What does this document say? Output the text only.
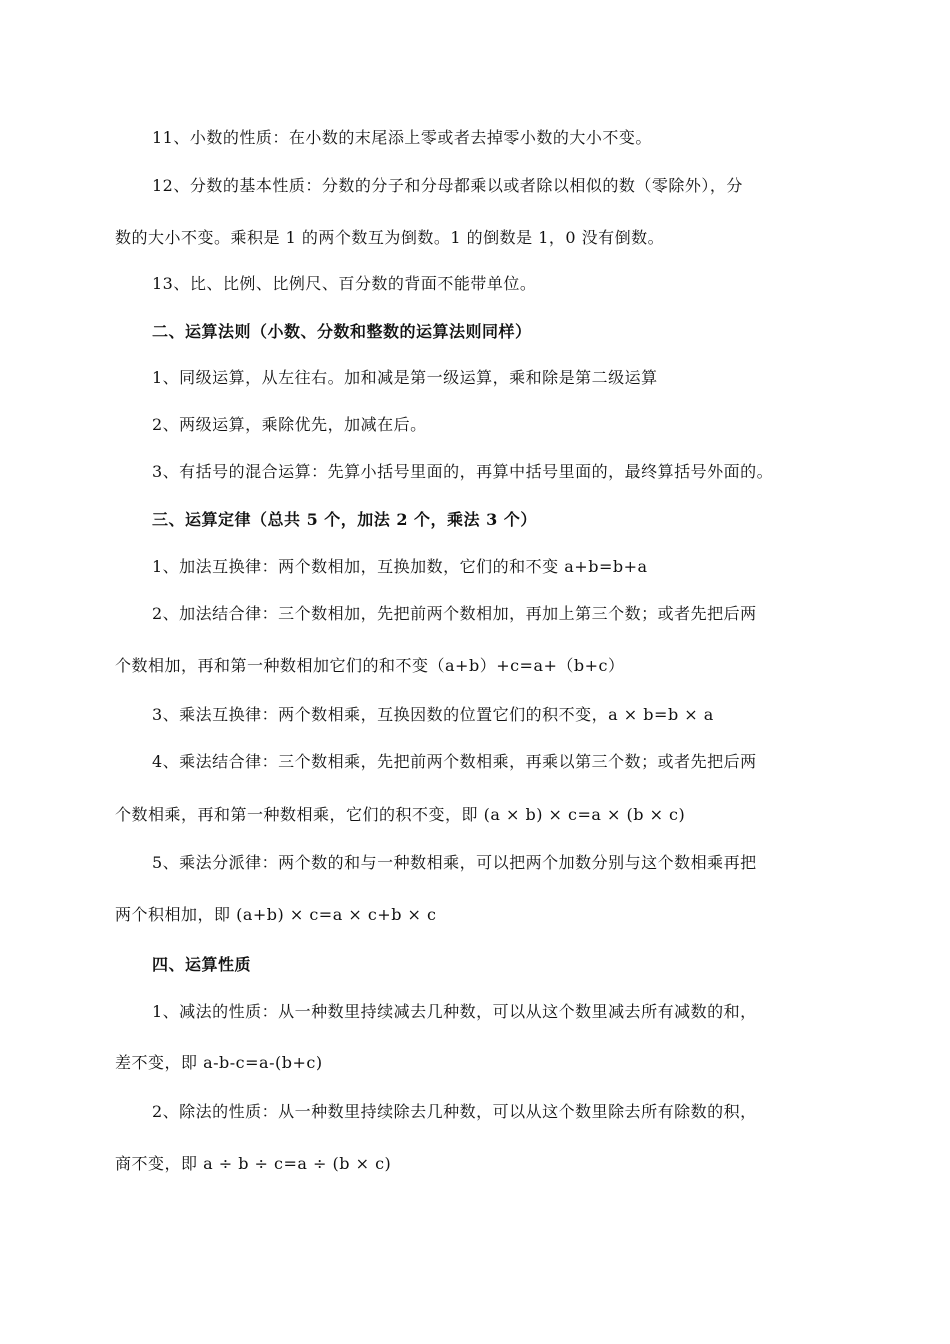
11、小数的性质：在小数的末尾添上零或者去掉零小数的大小不变。
12、分数的基本性质：分数的分子和分母都乘以或者除以相似的数（零除外），分
数的大小不变。乘积是 1 的两个数互为倒数。1 的倒数是 1，0 没有倒数。
13、比、比例、比例尺、百分数的背面不能带单位。
二、运算法则（小数、分数和整数的运算法则同样）
1、同级运算，从左往右。加和减是第一级运算，乘和除是第二级运算
2、两级运算，乘除优先，加减在后。
3、有括号的混合运算：先算小括号里面的，再算中括号里面的，最终算括号外面的。
三、运算定律（总共 5 个，加法 2 个，乘法 3 个）
1、加法互换律：两个数相加，互换加数，它们的和不变 a+b=b+a
2、加法结合律：三个数相加，先把前两个数相加，再加上第三个数；或者先把后两
个数相加，再和第一种数相加它们的和不变（a+b）+c=a+（b+c）
3、乘法互换律：两个数相乘，互换因数的位置它们的积不变，a × b=b × a
4、乘法结合律：三个数相乘，先把前两个数相乘，再乘以第三个数；或者先把后两
个数相乘，再和第一种数相乘，它们的积不变，即 (a × b) × c=a × (b × c)
5、乘法分派律：两个数的和与一种数相乘，可以把两个加数分别与这个数相乘再把
两个积相加，即 (a+b) × c=a × c+b × c
四、运算性质
1、减法的性质：从一种数里持续减去几种数，可以从这个数里减去所有减数的和，
差不变，即 a-b-c=a-(b+c)
2、除法的性质：从一种数里持续除去几种数，可以从这个数里除去所有除数的积，
商不变，即 a ÷ b ÷ c=a ÷ (b × c)
